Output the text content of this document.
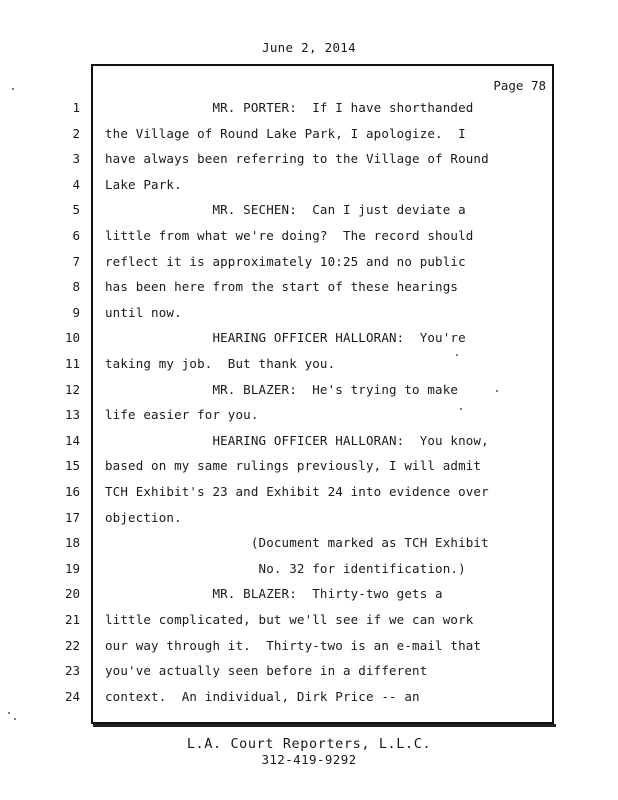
June 2, 2014
Page 78
1 MR. PORTER:  If I have shorthanded
2 the Village of Round Lake Park, I apologize.  I
3 have always been referring to the Village of Round
4 Lake Park.
5 MR. SECHEN:  Can I just deviate a
6 little from what we're doing?  The record should
7 reflect it is approximately 10:25 and no public
8 has been here from the start of these hearings
9 until now.
10 HEARING OFFICER HALLORAN:  You're
11 taking my job.  But thank you.
12 MR. BLAZER:  He's trying to make
13 life easier for you.
14 HEARING OFFICER HALLORAN:  You know,
15 based on my same rulings previously, I will admit
16 TCH Exhibit's 23 and Exhibit 24 into evidence over
17 objection.
18 (Document marked as TCH Exhibit
19 No. 32 for identification.)
20 MR. BLAZER:  Thirty-two gets a
21 little complicated, but we'll see if we can work
22 our way through it.  Thirty-two is an e-mail that
23 you've actually seen before in a different
24 context.  An individual, Dirk Price -- an
L.A. Court Reporters, L.L.C.
312-419-9292
